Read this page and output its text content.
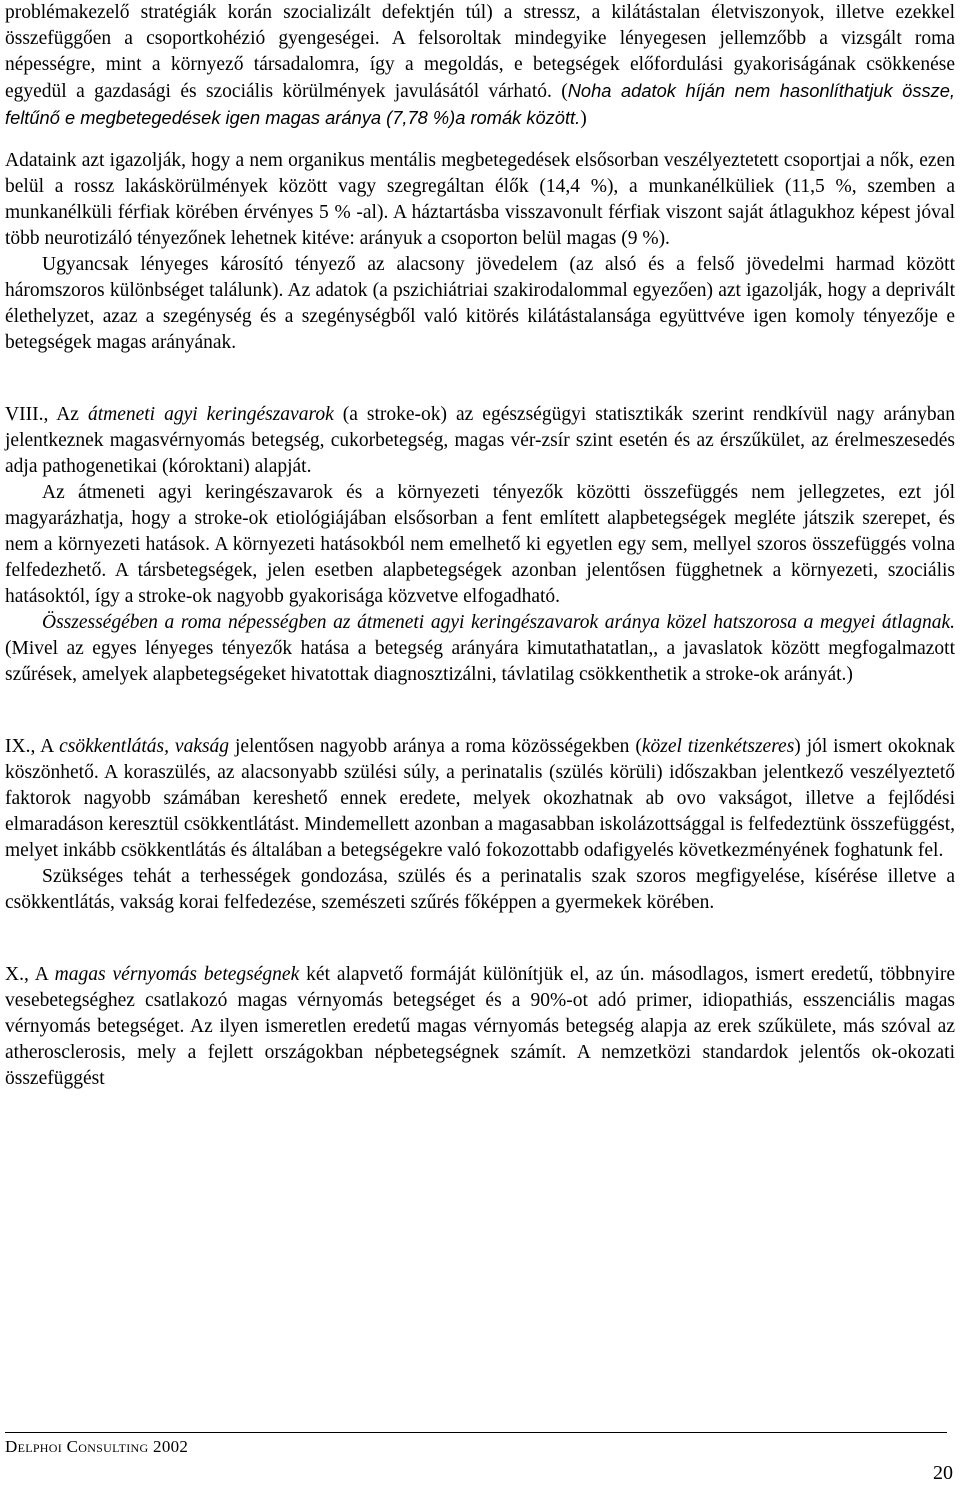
problémakezelő stratégiák korán szocializált defektjén túl) a stressz, a kilátástalan életviszonyok, illetve ezekkel összefüggően a csoportkohézió gyengeségei. A felsoroltak mindegyike lényegesen jellemzőbb a vizsgált roma népességre, mint a környező társadalomra, így a megoldás, e betegségek előfordulási gyakoriságának csökkenése egyedül a gazdasági és szociális körülmények javulásától várható. (Noha adatok híján nem hasonlíthatjuk össze, feltűnő e megbetegedések igen magas aránya (7,78 %)a romák között.)

Adataink azt igazolják, hogy a nem organikus mentális megbetegedések elsősorban veszélyeztetett csoportjai a nők, ezen belül a rossz lakáskörülmények között vagy szegregáltan élők (14,4 %), a munkanélküliek (11,5 %, szemben a munkanélküli férfiak körében érvényes 5 % -al). A háztartásba visszavonult férfiak viszont saját átlagukhoz képest jóval több neurotizáló tényezőnek lehetnek kitéve: arányuk a csoporton belül magas (9 %).

Ugyancsak lényeges károsító tényező az alacsony jövedelem (az alsó és a felső jövedelmi harmad között háromszoros különbséget találunk). Az adatok (a pszichiátriai szakirodalommal egyezően) azt igazolják, hogy a deprivált élethelyzet, azaz a szegénység és a szegénységből való kitörés kilátástalansága együttvéve igen komoly tényezője e betegségek magas arányának.

VIII., Az átmeneti agyi keringészavarok (a stroke-ok) az egészségügyi statisztikák szerint rendkívül nagy arányban jelentkeznek magasvérnyomás betegség, cukorbetegség, magas vér-zsír szint esetén és az érszűkület, az érelmeszesedés adja pathogenetikai (kóroktani) alapját.

Az átmeneti agyi keringészavarok és a környezeti tényezők közötti összefüggés nem jellegzetes, ezt jól magyarázhatja, hogy a stroke-ok etiológiájában elsősorban a fent említett alapbetegségek megléte játszik szerepet, és nem a környezeti hatások. A környezeti hatásokból nem emelhető ki egyetlen egy sem, mellyel szoros összefüggés volna felfedezhető. A társbetegségek, jelen esetben alapbetegségek azonban jelentősen függhetnek a környezeti, szociális hatásoktól, így a stroke-ok nagyobb gyakorisága közvetve elfogadható.

Összességében a roma népességben az átmeneti agyi keringészavarok aránya közel hatszorosa a megyei átlagnak. (Mivel az egyes lényeges tényezők hatása a betegség arányára kimutathatatlan,, a javaslatok között megfogalmazott szűrések, amelyek alapbetegségeket hivatottak diagnosztizálni, távlatilag csökkenthetik a stroke-ok arányát.)

IX., A csökkentlátás, vakság jelentősen nagyobb aránya a roma közösségekben (közel tizenkétszeres) jól ismert okoknak köszönhető. A koraszülés, az alacsonyabb szülési súly, a perinatalis (szülés körüli) időszakban jelentkező veszélyeztető faktorok nagyobb számában kereshető ennek eredete, melyek okozhatnak ab ovo vakságot, illetve a fejlődési elmaradáson keresztül csökkentlátást. Mindemellett azonban a magasabban iskolázottsággal is felfedeztünk összefüggést, melyet inkább csökkentlátás és általában a betegségekre való fokozottabb odafigyelés következményének foghatunk fel.

Szükséges tehát a terhességek gondozása, szülés és a perinatalis szak szoros megfigyelése, kísérése illetve a csökkentlátás, vakság korai felfedezése, szemészeti szűrés főképpen a gyermekek körében.

X., A magas vérnyomás betegségnek két alapvető formáját különítjük el, az ún. másodlagos, ismert eredetű, többnyire vesebetegséghez csatlakozó magas vérnyomás betegséget és a 90%-ot adó primer, idiopathiás, esszenciális magas vérnyomás betegséget. Az ilyen ismeretlen eredetű magas vérnyomás betegség alapja az erek szűkülete, más szóval az atherosclerosis, mely a fejlett országokban népbetegségnek számít. A nemzetközi standardok jelentős ok-okozati összefüggést

Delphoi Consulting 2002
20
